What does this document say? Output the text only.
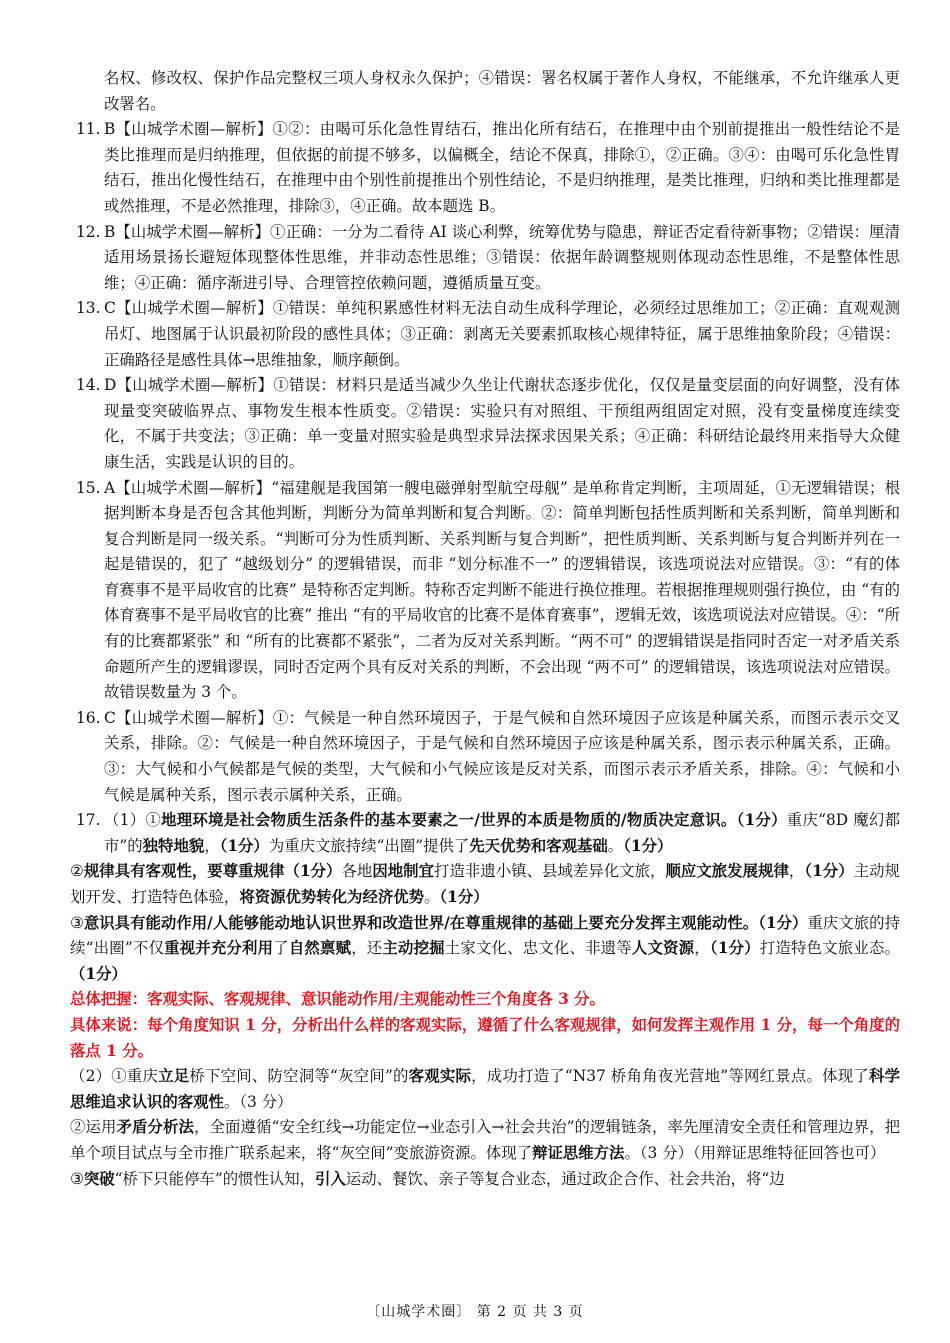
名权、修改权、保护作品完整权三项人身权永久保护；④错误：署名权属于著作人身权，不能继承，不允许继承人更改署名。

11. B【山城学术圈—解析】①②：由喝可乐化急性胃结石，推出化所有结石，在推理中由个别前提推出一般性结论不是类比推理而是归纳推理，但依据的前提不够多，以偏概全，结论不保真，排除①，②正确。③④：由喝可乐化急性胃结石，推出化慢性结石，在推理中由个别性前提推出个别性结论，不是归纳推理，是类比推理，归纳和类比推理都是或然推理，不是必然推理，排除③，④正确。故本题选 B。
12. B【山城学术圈—解析】①正确：一分为二看待 AI 谈心利弊，统筹优势与隐患，辩证否定看待新事物；②错误：厘清适用场景扬长避短体现整体性思维，并非动态性思维；③错误：依据年龄调整规则体现动态性思维，不是整体性思维；④正确：循序渐进引导、合理管控依赖问题，遵循质量互变。
13. C【山城学术圈—解析】①错误：单纯积累感性材料无法自动生成科学理论，必须经过思维加工；②正确：直观观测吊灯、地图属于认识最初阶段的感性具体；③正确：剥离无关要素抓取核心规律特征，属于思维抽象阶段；④错误：正确路径是感性具体→思维抽象，顺序颠倒。
14. D【山城学术圈—解析】①错误：材料只是适当减少久坐让代谢状态逐步优化，仅仅是量变层面的向好调整，没有体现量变突破临界点、事物发生根本性质变。②错误：实验只有对照组、干预组两组固定对照，没有变量梯度连续变化，不属于共变法；③正确：单一变量对照实验是典型求异法探求因果关系；④正确：科研结论最终用来指导大众健康生活，实践是认识的目的。
15. A【山城学术圈—解析】“福建舰是我国第一艘电磁弹射型航空母舰” 是单称肯定判断，主项周延，①无逻辑错误；根据判断本身是否包含其他判断，判断分为简单判断和复合判断。②：简单判断包括性质判断和关系判断，简单判断和复合判断是同一级关系。“判断可分为性质判断、关系判断与复合判断”，把性质判断、关系判断与复合判断并列在一起是错误的，犯了 “越级划分” 的逻辑错误，而非 “划分标准不一” 的逻辑错误，该选项说法对应错误。③：“有的体育赛事不是平局收官的比赛” 是特称否定判断。特称否定判断不能进行换位推理。若根据推理规则强行换位，由 “有的体育赛事不是平局收官的比赛” 推出 “有的平局收官的比赛不是体育赛事”，逻辑无效，该选项说法对应错误。④：“所有的比赛都紧张” 和 “所有的比赛都不紧张”，二者为反对关系判断。“两不可” 的逻辑错误是指同时否定一对矛盾关系命题所产生的逻辑谬误，同时否定两个具有反对关系的判断，不会出现 “两不可” 的逻辑错误，该选项说法对应错误。故错误数量为 3 个。
16. C【山城学术圈—解析】①：气候是一种自然环境因子，于是气候和自然环境因子应该是种属关系，而图示表示交叉关系，排除。②：气候是一种自然环境因子，于是气候和自然环境因子应该是种属关系，图示表示种属关系，正确。③：大气候和小气候都是气候的类型，大气候和小气候应该是反对关系，而图示表示矛盾关系，排除。④：气候和小气候是属种关系，图示表示属种关系，正确。
17. （1）①地理环境是社会物质生活条件的基本要素之一/世界的本质是物质的/物质决定意识。（1分）重庆“8D 魔幻都市”的独特地貌，（1分）为重庆文旅持续“出圈”提供了先天优势和客观基础。（1分）
②规律具有客观性，要尊重规律（1分）各地因地制宜打造非遗小镇、县域差异化文旅，顺应文旅发展规律，（1分）主动规划开发、打造特色体验，将资源优势转化为经济优势。（1分）
③意识具有能动作用/人能够能动地认识世界和改造世界/在尊重规律的基础上要充分发挥主观能动性。（1分）重庆文旅的持续“出圈”不仅重视并充分利用了自然禀赋，还主动挖掘土家文化、忠文化、非遗等人文资源，（1分）打造特色文旅业态。（1分）
总体把握：客观实际、客观规律、意识能动作用/主观能动性三个角度各 3 分。
具体来说：每个角度知识 1 分，分析出什么样的客观实际，遵循了什么客观规律，如何发挥主观作用 1 分，每一个角度的落点 1 分。
（2）①重庆立足桥下空间、防空洞等“灰空间”的客观实际，成功打造了“N37 桥角角夜光营地”等网红景点。体现了科学思维追求认识的客观性。（3 分）
②运用矛盾分析法，全面遵循“安全红线→功能定位→业态引入→社会共治”的逻辑链条，率先厘清安全责任和管理边界，把单个项目试点与全市推广联系起来，将“灰空间”变旅游资源。体现了辩证思维方法。（3 分）（用辩证思维特征回答也可）
③突破“桥下只能停车”的惯性认知，引入运动、餐饮、亲子等复合业态，通过政企合作、社会共治，将“边
〔山城学术圈〕 第 2 页 共 3 页
